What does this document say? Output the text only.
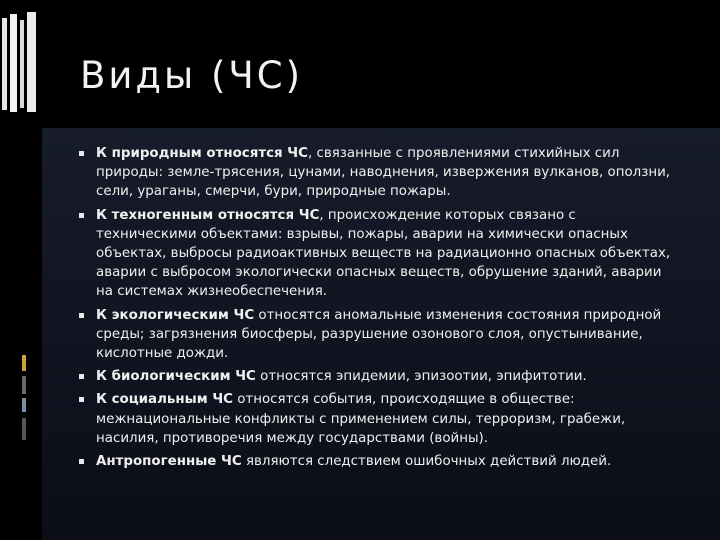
Виды (ЧС)
К природным относятся ЧС, связанные с проявлениями стихийных сил природы: земле-трясения, цунами, наводнения, извержения вулканов, оползни, сели, ураганы, смерчи, бури, природные пожары.
К техногенным относятся ЧС, происхождение которых связано с техническими объектами: взрывы, пожары, аварии на химически опасных объектах, выбросы радиоактивных веществ на радиационно опасных объектах, аварии с выбросом экологически опасных веществ, обрушение зданий, аварии на системах жизнеобеспечения.
К экологическим ЧС относятся аномальные изменения состояния природной среды; загрязнения биосферы, разрушение озонового слоя, опустынивание, кислотные дожди.
К биологическим ЧС относятся эпидемии, эпизоотии, эпифитотии.
К социальным ЧС относятся события, происходящие в обществе: межнациональные конфликты с применением силы, терроризм, грабежи, насилия, противоречия между государствами (войны).
Антропогенные ЧС являются следствием ошибочных действий людей.
